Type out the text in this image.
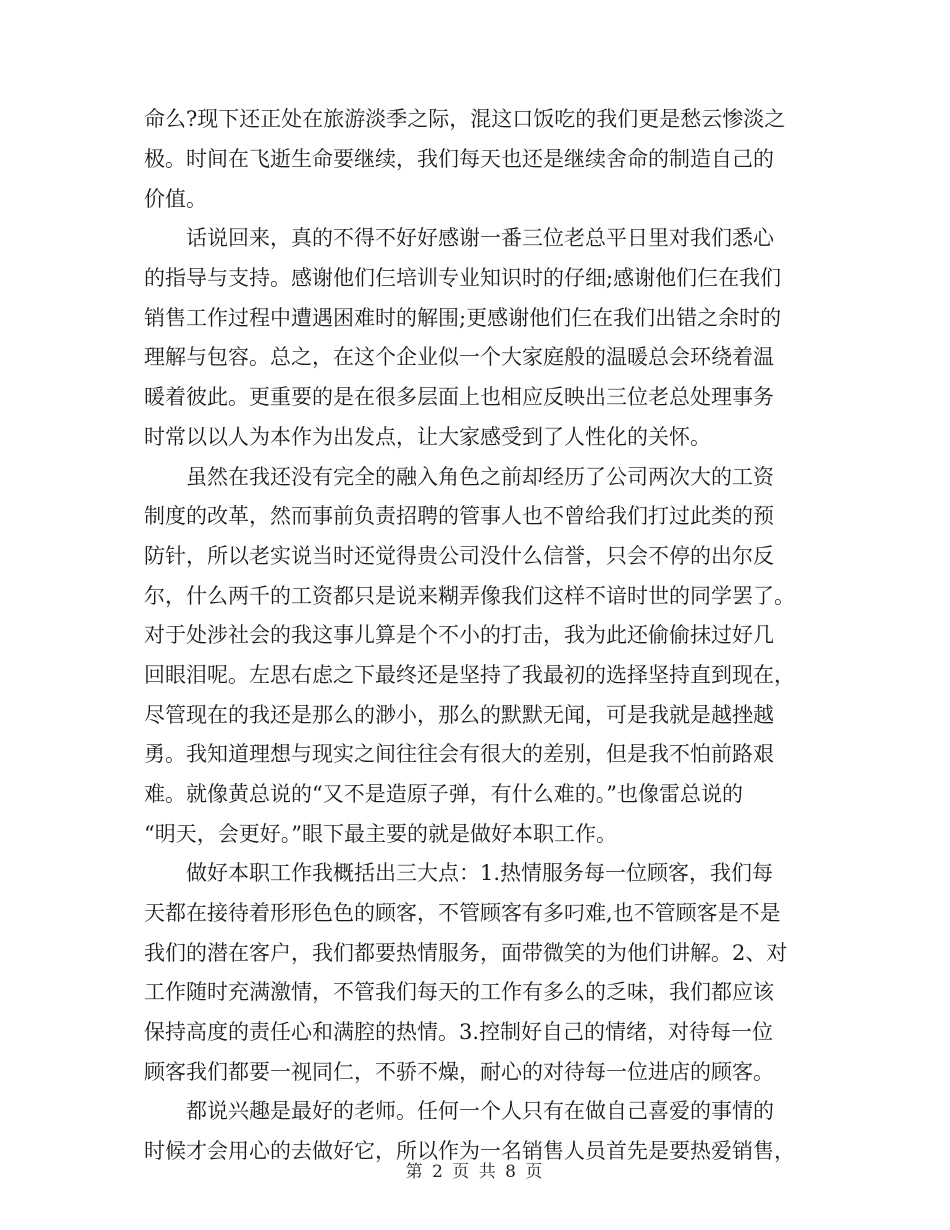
命么?现下还正处在旅游淡季之际，混这口饭吃的我们更是愁云惨淡之
极。时间在飞逝生命要继续，我们每天也还是继续舍命的制造自己的
价值。
话说回来，真的不得不好好感谢一番三位老总平日里对我们悉心
的指导与支持。感谢他们仨培训专业知识时的仔细;感谢他们仨在我们
销售工作过程中遭遇困难时的解围;更感谢他们仨在我们出错之余时的
理解与包容。总之，在这个企业似一个大家庭般的温暖总会环绕着温
暖着彼此。更重要的是在很多层面上也相应反映出三位老总处理事务
时常以以人为本作为出发点，让大家感受到了人性化的关怀。
虽然在我还没有完全的融入角色之前却经历了公司两次大的工资
制度的改革，然而事前负责招聘的管事人也不曾给我们打过此类的预
防针，所以老实说当时还觉得贵公司没什么信誉，只会不停的出尔反
尔，什么两千的工资都只是说来糊弄像我们这样不谙时世的同学罢了。
对于处涉社会的我这事儿算是个不小的打击，我为此还偷偷抹过好几
回眼泪呢。左思右虑之下最终还是坚持了我最初的选择坚持直到现在，
尽管现在的我还是那么的渺小，那么的默默无闻，可是我就是越挫越
勇。我知道理想与现实之间往往会有很大的差别，但是我不怕前路艰
难。就像黄总说的“又不是造原子弹，有什么难的。”也像雷总说的
“明天，会更好。”眼下最主要的就是做好本职工作。
做好本职工作我概括出三大点：1.热情服务每一位顾客，我们每
天都在接待着形形色色的顾客，不管顾客有多叼难,也不管顾客是不是
我们的潜在客户，我们都要热情服务，面带微笑的为他们讲解。2、对
工作随时充满激情，不管我们每天的工作有多么的乏味，我们都应该
保持高度的责任心和满腔的热情。3.控制好自己的情绪，对待每一位
顾客我们都要一视同仁，不骄不燥，耐心的对待每一位进店的顾客。
都说兴趣是最好的老师。任何一个人只有在做自己喜爱的事情的
时候才会用心的去做好它，所以作为一名销售人员首先是要热爱销售，
第 2 页 共 8 页
